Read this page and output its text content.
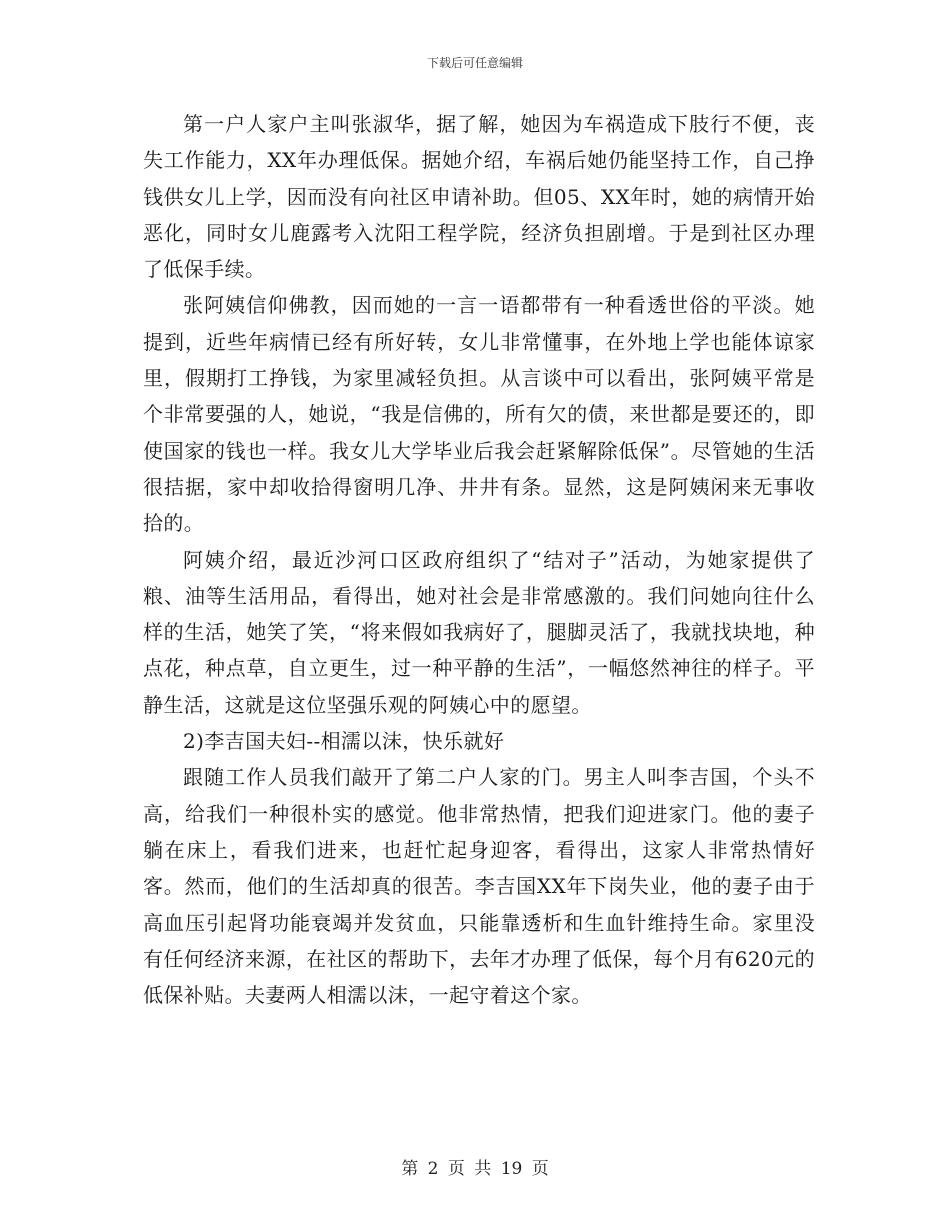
下载后可任意编辑

第一户人家户主叫张淑华，据了解，她因为车祸造成下肢行不便，丧失工作能力，XX年办理低保。据她介绍，车祸后她仍能坚持工作，自己挣钱供女儿上学，因而没有向社区申请补助。但05、XX年时，她的病情开始恶化，同时女儿鹿露考入沈阳工程学院，经济负担剧增。于是到社区办理了低保手续。

张阿姨信仰佛教，因而她的一言一语都带有一种看透世俗的平淡。她提到，近些年病情已经有所好转，女儿非常懂事，在外地上学也能体谅家里，假期打工挣钱，为家里减轻负担。从言谈中可以看出，张阿姨平常是个非常要强的人，她说，“我是信佛的，所有欠的债，来世都是要还的，即使国家的钱也一样。我女儿大学毕业后我会赶紧解除低保”。尽管她的生活很拮据，家中却收拾得窗明几净、井井有条。显然，这是阿姨闲来无事收拾的。

阿姨介绍，最近沙河口区政府组织了“结对子”活动，为她家提供了粮、油等生活用品，看得出，她对社会是非常感激的。我们问她向往什么样的生活，她笑了笑，“将来假如我病好了，腿脚灵活了，我就找块地，种点花，种点草，自立更生，过一种平静的生活”，一幅悠然神往的样子。平静生活，这就是这位坚强乐观的阿姨心中的愿望。

2)李吉国夫妇--相濡以沫，快乐就好

跟随工作人员我们敲开了第二户人家的门。男主人叫李吉国，个头不高，给我们一种很朴实的感觉。他非常热情，把我们迎进家门。他的妻子躺在床上，看我们进来，也赶忙起身迎客，看得出，这家人非常热情好客。然而，他们的生活却真的很苦。李吉国XX年下岗失业，他的妻子由于高血压引起肾功能衰竭并发贫血，只能靠透析和生血针维持生命。家里没有任何经济来源，在社区的帮助下，去年才办理了低保，每个月有620元的低保补贴。夫妻两人相濡以沫，一起守着这个家。

第 2 页 共 19 页
